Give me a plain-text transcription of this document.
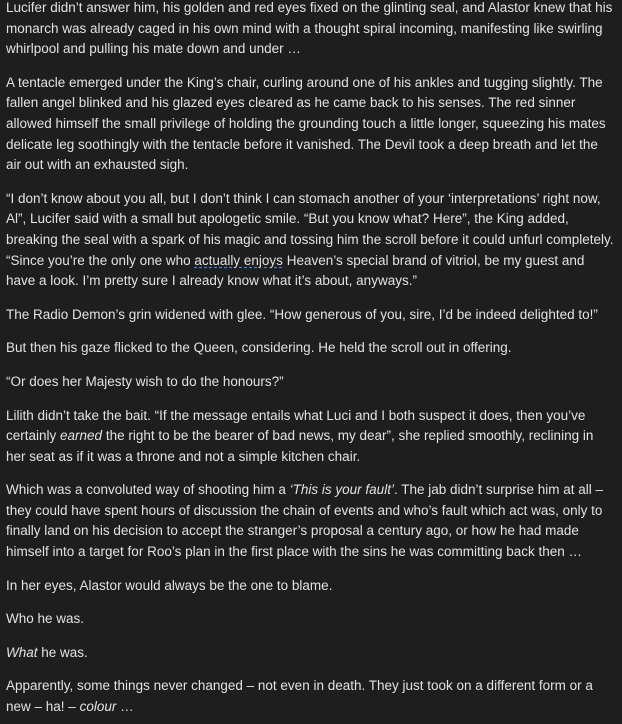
Lucifer didn’t answer him, his golden and red eyes fixed on the glinting seal, and Alastor knew that his monarch was already caged in his own mind with a thought spiral incoming, manifesting like swirling whirlpool and pulling his mate down and under …

A tentacle emerged under the King’s chair, curling around one of his ankles and tugging slightly. The fallen angel blinked and his glazed eyes cleared as he came back to his senses. The red sinner allowed himself the small privilege of holding the grounding touch a little longer, squeezing his mates delicate leg soothingly with the tentacle before it vanished. The Devil took a deep breath and let the air out with an exhausted sigh.

“I don’t know about you all, but I don’t think I can stomach another of your ‘interpretations’ right now, Al”, Lucifer said with a small but apologetic smile. “But you know what? Here”, the King added, breaking the seal with a spark of his magic and tossing him the scroll before it could unfurl completely. “Since you’re the only one who actually enjoys Heaven’s special brand of vitriol, be my guest and have a look. I’m pretty sure I already know what it’s about, anyways.”

The Radio Demon’s grin widened with glee. “How generous of you, sire, I’d be indeed delighted to!”

But then his gaze flicked to the Queen, considering. He held the scroll out in offering.

“Or does her Majesty wish to do the honours?”

Lilith didn’t take the bait. “If the message entails what Luci and I both suspect it does, then you’ve certainly earned the right to be the bearer of bad news, my dear”, she replied smoothly, reclining in her seat as if it was a throne and not a simple kitchen chair.

Which was a convoluted way of shooting him a ‘This is your fault’. The jab didn’t surprise him at all – they could have spent hours of discussion the chain of events and who’s fault which act was, only to finally land on his decision to accept the stranger’s proposal a century ago, or how he had made himself into a target for Roo’s plan in the first place with the sins he was committing back then …

In her eyes, Alastor would always be the one to blame.

Who he was.

What he was.

Apparently, some things never changed – not even in death. They just took on a different form or a new – ha! – colour …
